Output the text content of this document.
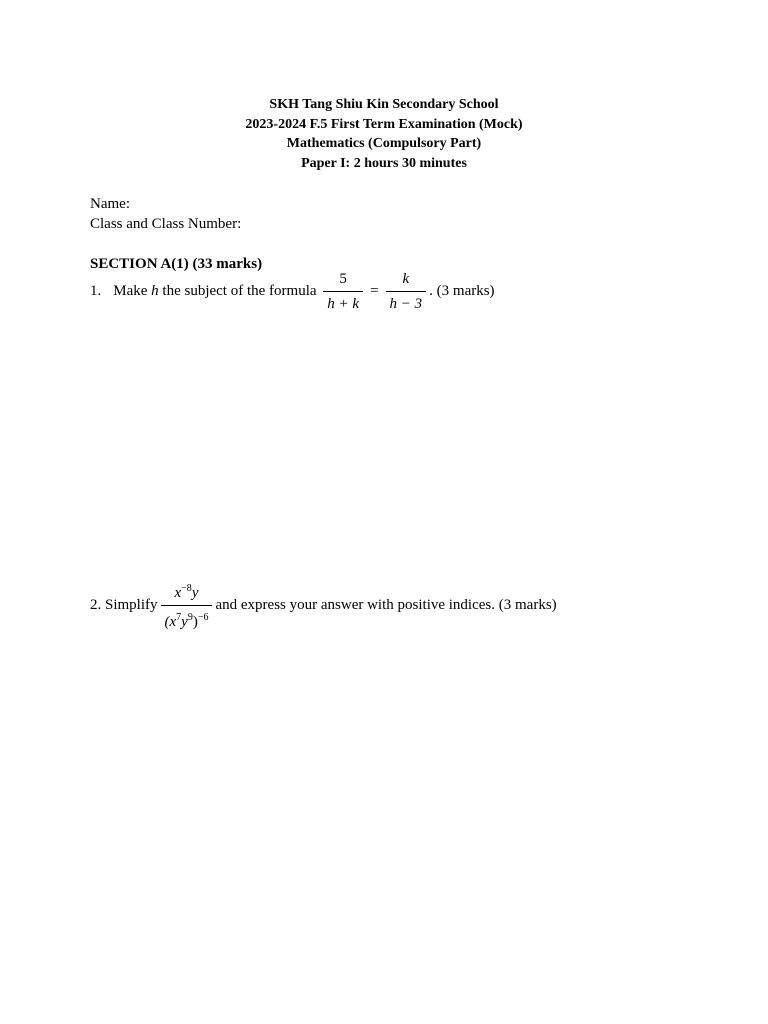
SKH Tang Shiu Kin Secondary School
2023-2024 F.5 First Term Examination (Mock)
Mathematics (Compulsory Part)
Paper I: 2 hours 30 minutes
Name:
Class and Class Number:
SECTION A(1) (33 marks)
1. Make
h
the subject of the formula
$\frac{5}{h + k} = \frac{k}{h - 3}$ . (3 marks)
2.
Simplify $\frac{x^{-8}y}{(x^7y^9)^{-6}}$ and express your answer with positive indices. (3 marks)
